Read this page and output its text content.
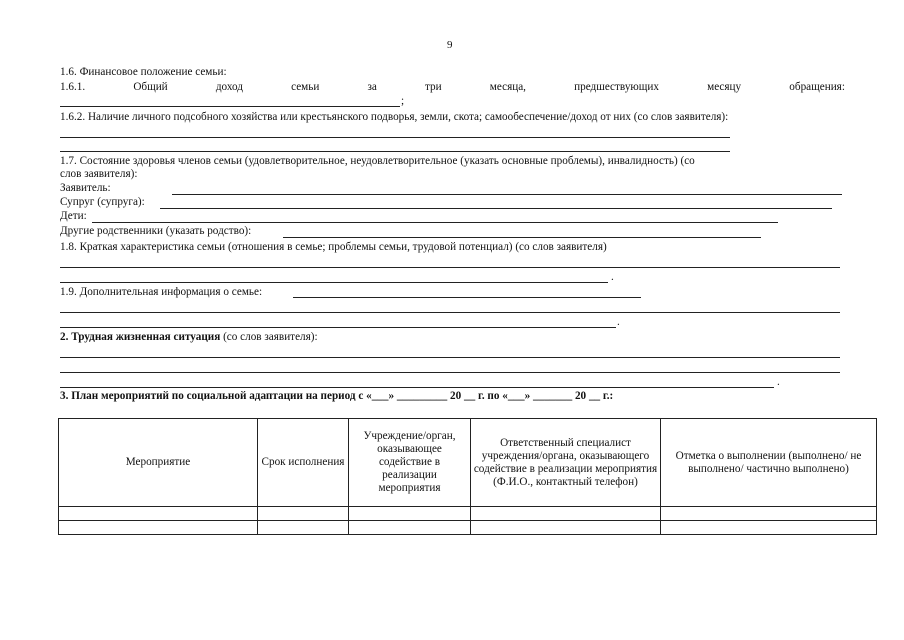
9
1.6. Финансовое положение семьи:
1.6.1.	Общий	доход	семьи	за	три	месяца,	предшествующих	месяцу	обращения:
;
1.6.2. Наличие личного подсобного хозяйства или крестьянского подворья, земли, скота; самообеспечение/доход от них (со слов заявителя):
1.7. Состояние здоровья членов семьи (удовлетворительное, неудовлетворительное (указать основные проблемы), инвалидность) (со
слов заявителя):
Заявитель:
Супруг (супруга):
Дети:
Другие родственники (указать родство):
1.8. Краткая характеристика семьи (отношения в семье; проблемы семьи, трудовой потенциал) (со слов заявителя)
.
1.9. Дополнительная информация о семье:
.
2. Трудная жизненная ситуация (со слов заявителя):
.
3. План мероприятий по социальной адаптации на период с «___» _________ 20 __ г. по «___» _______ 20 __ г.:
Мероприятие	Срок исполнения	Учреждение/орган, оказывающее содействие в реализации мероприятия	Ответственный специалист учреждения/органа, оказывающего содействие в реализации мероприятия (Ф.И.О., контактный телефон)	Отметка о выполнении (выполнено/ не выполнено/ частично выполнено)
